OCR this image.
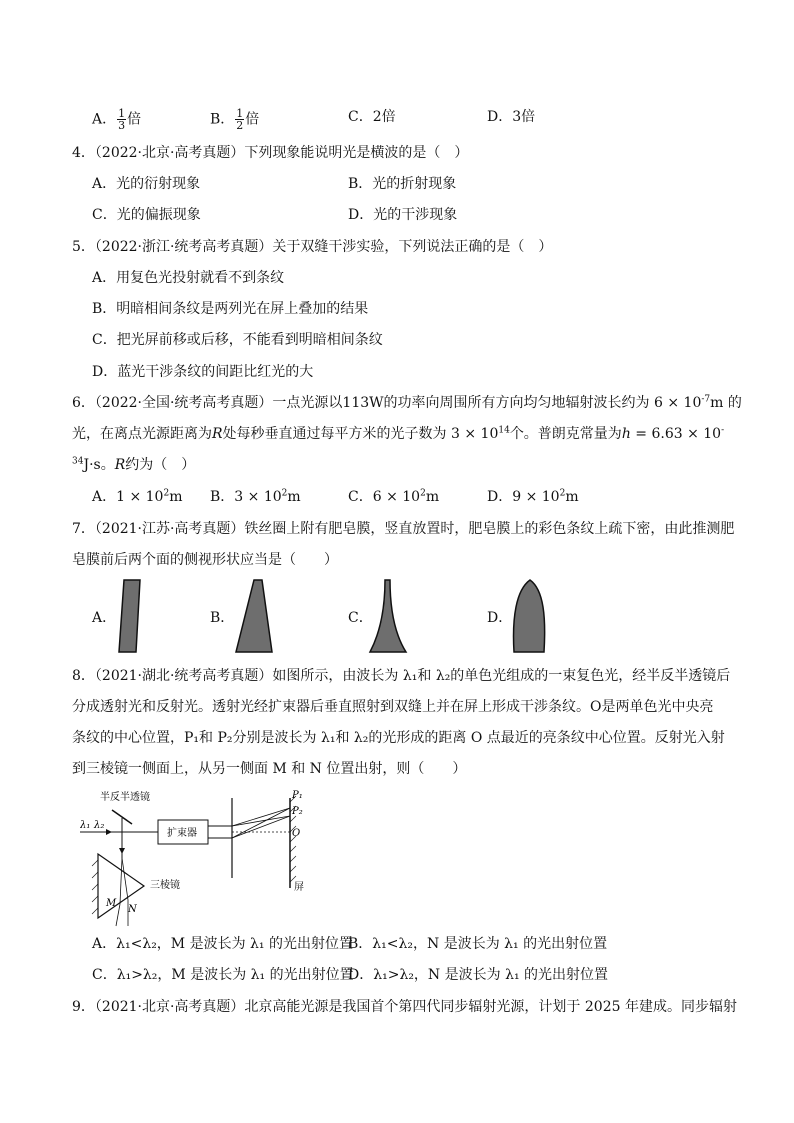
A． $\frac{1}{3}$ 倍	B． $\frac{1}{2}$ 倍	C．2倍	D．3倍
4．（2022·北京·高考真题）下列现象能说明光是横波的是（　）
A．光的衍射现象	B．光的折射现象
C．光的偏振现象	D．光的干涉现象
5．（2022·浙江·统考高考真题）关于双缝干涉实验，下列说法正确的是（　）
A．用复色光投射就看不到条纹
B．明暗相间条纹是两列光在屏上叠加的结果
C．把光屏前移或后移，不能看到明暗相间条纹
D．蓝光干涉条纹的间距比红光的大
6．（2022·全国·统考高考真题）一点光源以113W的功率向周围所有方向均匀地辐射波长约为 $6 \times 10^{-7}m$ 的
光，在离点光源距离为R处每秒垂直通过每平方米的光子数为 $3 \times 10^{14}$个。普朗克常量为h = 6.63 × 10-
$^{34}$J·s。R约为（　）
A．$1 \times 10^2m$ B．$3 \times 10^2m$	C．$6 \times 10^2m$	D．$9 \times 10^2m$
7．（2021·江苏·高考真题）铁丝圈上附有肥皂膜，竖直放置时，肥皂膜上的彩色条纹上疏下密，由此推测肥
皂膜前后两个面的侧视形状应当是（　　）
A．	B．	C．	D．
8．（2021·湖北·统考高考真题）如图所示，由波长为 λ₁和 λ₂的单色光组成的一束复色光，经半反半透镜后
分成透射光和反射光。透射光经扩束器后垂直照射到双缝上并在屏上形成干涉条纹。O是两单色光中央亮
条纹的中心位置，P₁和 P₂分别是波长为 λ₁和 λ₂的光形成的距离 O 点最近的亮条纹中心位置。反射光入射
到三棱镜一侧面上，从另一侧面 M 和 N 位置出射，则（　　）
半反半透镜
λ₁ λ₂
扩束器
P₁
P₂
O
屏
三棱镜
M
N
A．λ₁<λ₂，M 是波长为 λ₁ 的光出射位置
B．λ₁<λ₂，N 是波长为 λ₁ 的光出射位置
C．λ₁>λ₂，M 是波长为 λ₁ 的光出射位置
D．λ₁>λ₂，N 是波长为 λ₁ 的光出射位置
9．（2021·北京·高考真题）北京高能光源是我国首个第四代同步辐射光源，计划于 2025 年建成。同步辐射
